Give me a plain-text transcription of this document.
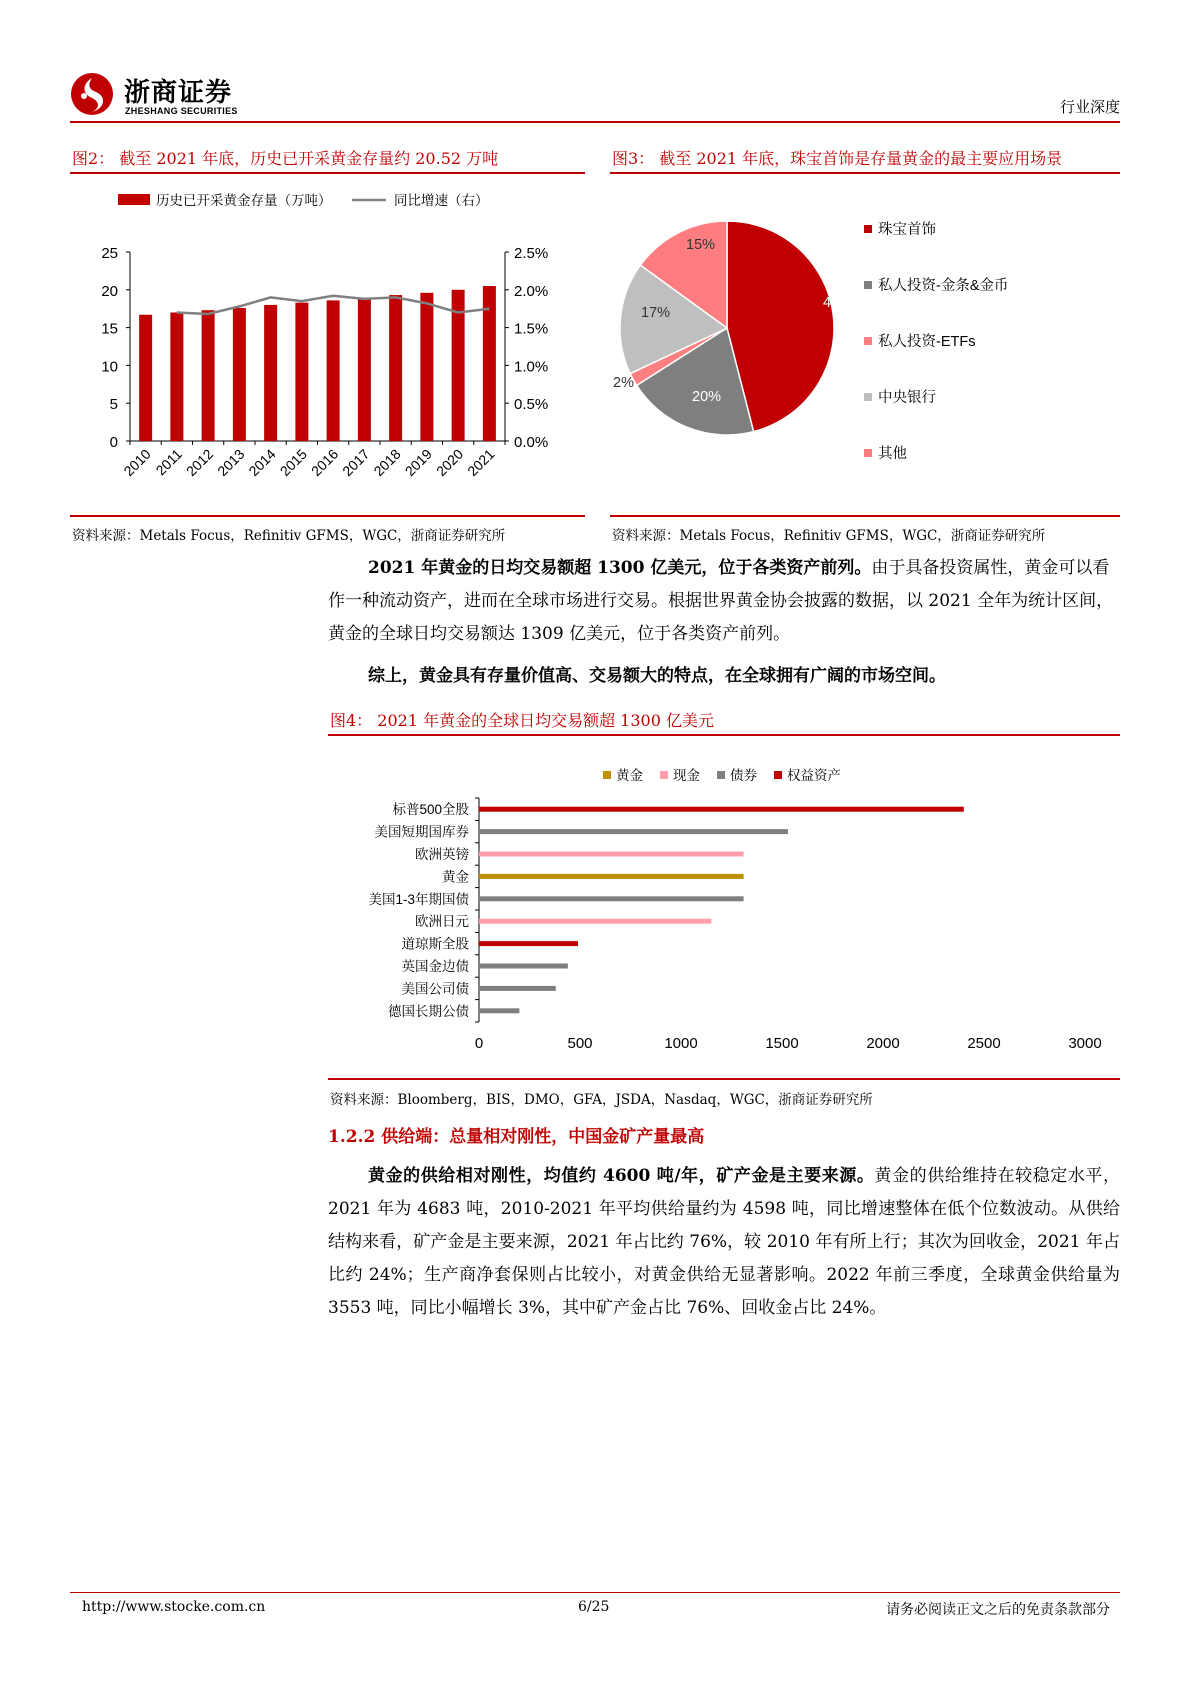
浙商证券
ZHESHANG SECURITIES	行业深度
图2： 截至 2021 年底，历史已开采黄金存量约 20.52 万吨
历史已开采黄金存量（万吨）	同比增速（右）
0
5
10
15
20
25
0.0%
0.5%
1.0%
1.5%
2.0%
2.5%
2010
2011
2012
2013
2014
2015
2016
2017
2018
2019
2020
2021
资料来源：Metals Focus，Refinitiv GFMS，WGC，浙商证券研究所
图3： 截至 2021 年底，珠宝首饰是存量黄金的最主要应用场景
46%
20%
2%
17%
15%
珠宝首饰
私人投资-金条&金币
私人投资-ETFs
中央银行
其他
资料来源：Metals Focus，Refinitiv GFMS，WGC，浙商证券研究所
2021 年黄金的日均交易额超 1300 亿美元，位于各类资产前列。由于具备投资属性，黄金可以看作一种流动资产，进而在全球市场进行交易。根据世界黄金协会披露的数据，以 2021 全年为统计区间，黄金的全球日均交易额达 1309 亿美元，位于各类资产前列。
综上，黄金具有存量价值高、交易额大的特点，在全球拥有广阔的市场空间。
图4： 2021 年黄金的全球日均交易额超 1300 亿美元
黄金 现金 债券 权益资产
标普500全股
美国短期国库券
欧洲英镑
黄金
美国1-3年期国债
欧洲日元
道琼斯全股
英国金边债
美国公司债
德国长期公债
0	500	1000	1500	2000	2500	3000
资料来源：Bloomberg，BIS，DMO，GFA，JSDA，Nasdaq，WGC，浙商证券研究所
1.2.2 供给端：总量相对刚性，中国金矿产量最高
黄金的供给相对刚性，均值约 4600 吨/年，矿产金是主要来源。黄金的供给维持在较稳定水平，2021 年为 4683 吨，2010-2021 年平均供给量约为 4598 吨，同比增速整体在低个位数波动。从供给结构来看，矿产金是主要来源，2021 年占比约 76%，较 2010 年有所上行；其次为回收金，2021 年占比约 24%；生产商净套保则占比较小，对黄金供给无显著影响。2022 年前三季度，全球黄金供给量为 3553 吨，同比小幅增长 3%，其中矿产金占比 76%、回收金占比 24%。
http://www.stocke.com.cn	6/25	请务必阅读正文之后的免责条款部分
